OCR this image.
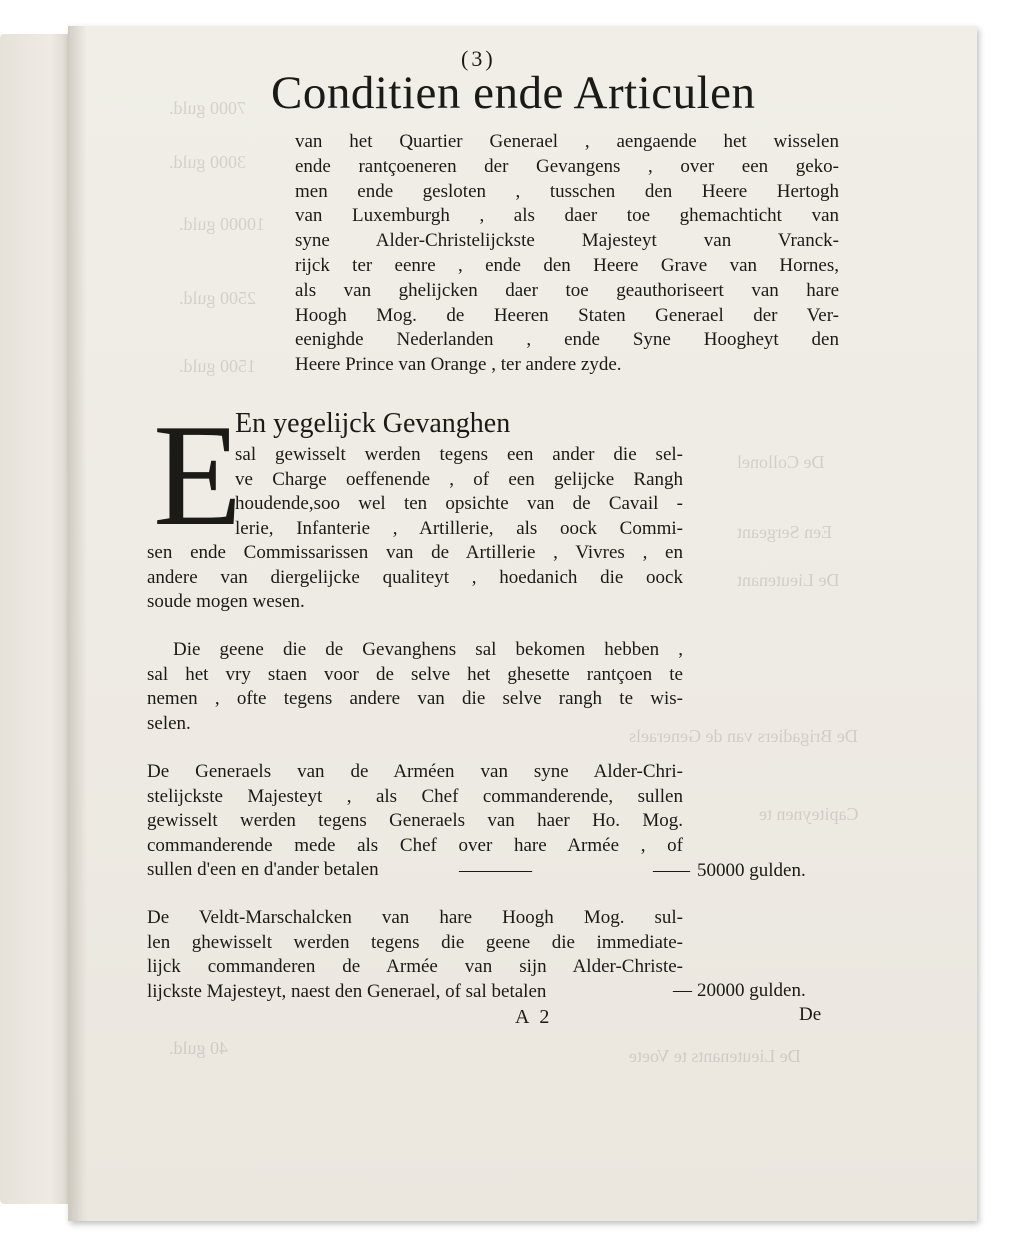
7000 guld.
3000 guld.
10000 guld.
2500 guld.
1500 guld.
De Collonel
Een Sergeant
De Lieutenant
De Brigadiers van de Generaels
Capiteynen te
De Lieutenants te Voete
40 guld.
(3)
Conditien ende Articulen
van het Quartier Generael , aengaende het wisselen
ende rantçoeneren der Gevangens , over een geko-
men ende gesloten , tusschen den Heere Hertogh
van Luxemburgh , als daer toe ghemachticht van
syne Alder-Christelijckste Majesteyt van Vranck-
rijck ter eenre , ende den Heere Grave van Hornes,
als van ghelijcken daer toe geauthoriseert van hare
Hoogh Mog. de Heeren Staten Generael der Ver-
eenighde Nederlanden , ende Syne Hoogheyt den
Heere Prince van Orange , ter andere zyde.
E
En yegelijck Gevanghen
sal gewisselt werden tegens een ander die sel-
ve Charge oeffenende , of een gelijcke Rangh
houdende,soo wel ten opsichte van de Cavail -
lerie, Infanterie , Artillerie, als oock Commi-
sen ende Commissarissen van de Artillerie , Vivres , en
andere van diergelijcke qualiteyt , hoedanich die oock
soude mogen wesen.
Die geene die de Gevanghens sal bekomen hebben ,
sal het vry staen voor de selve het ghesette rantçoen te
nemen , ofte tegens andere van die selve rangh te wis-
selen.
De Generaels van de Arméen van syne Alder-Chri-
stelijckste Majesteyt , als Chef commanderende, sullen
gewisselt werden tegens Generaels van haer Ho. Mog.
commanderende mede als Chef over hare Armée , of
sullen d'een en d'ander betalen	————	—— 50000 gulden.
De Veldt-Marschalcken van hare Hoogh Mog. sul-
len ghewisselt werden tegens die geene die immediate-
lijck commanderen de Armée van sijn Alder-Christe-
lijckste Majesteyt, naest den Generael, of sal betalen	— 20000 gulden.
A 2	De
